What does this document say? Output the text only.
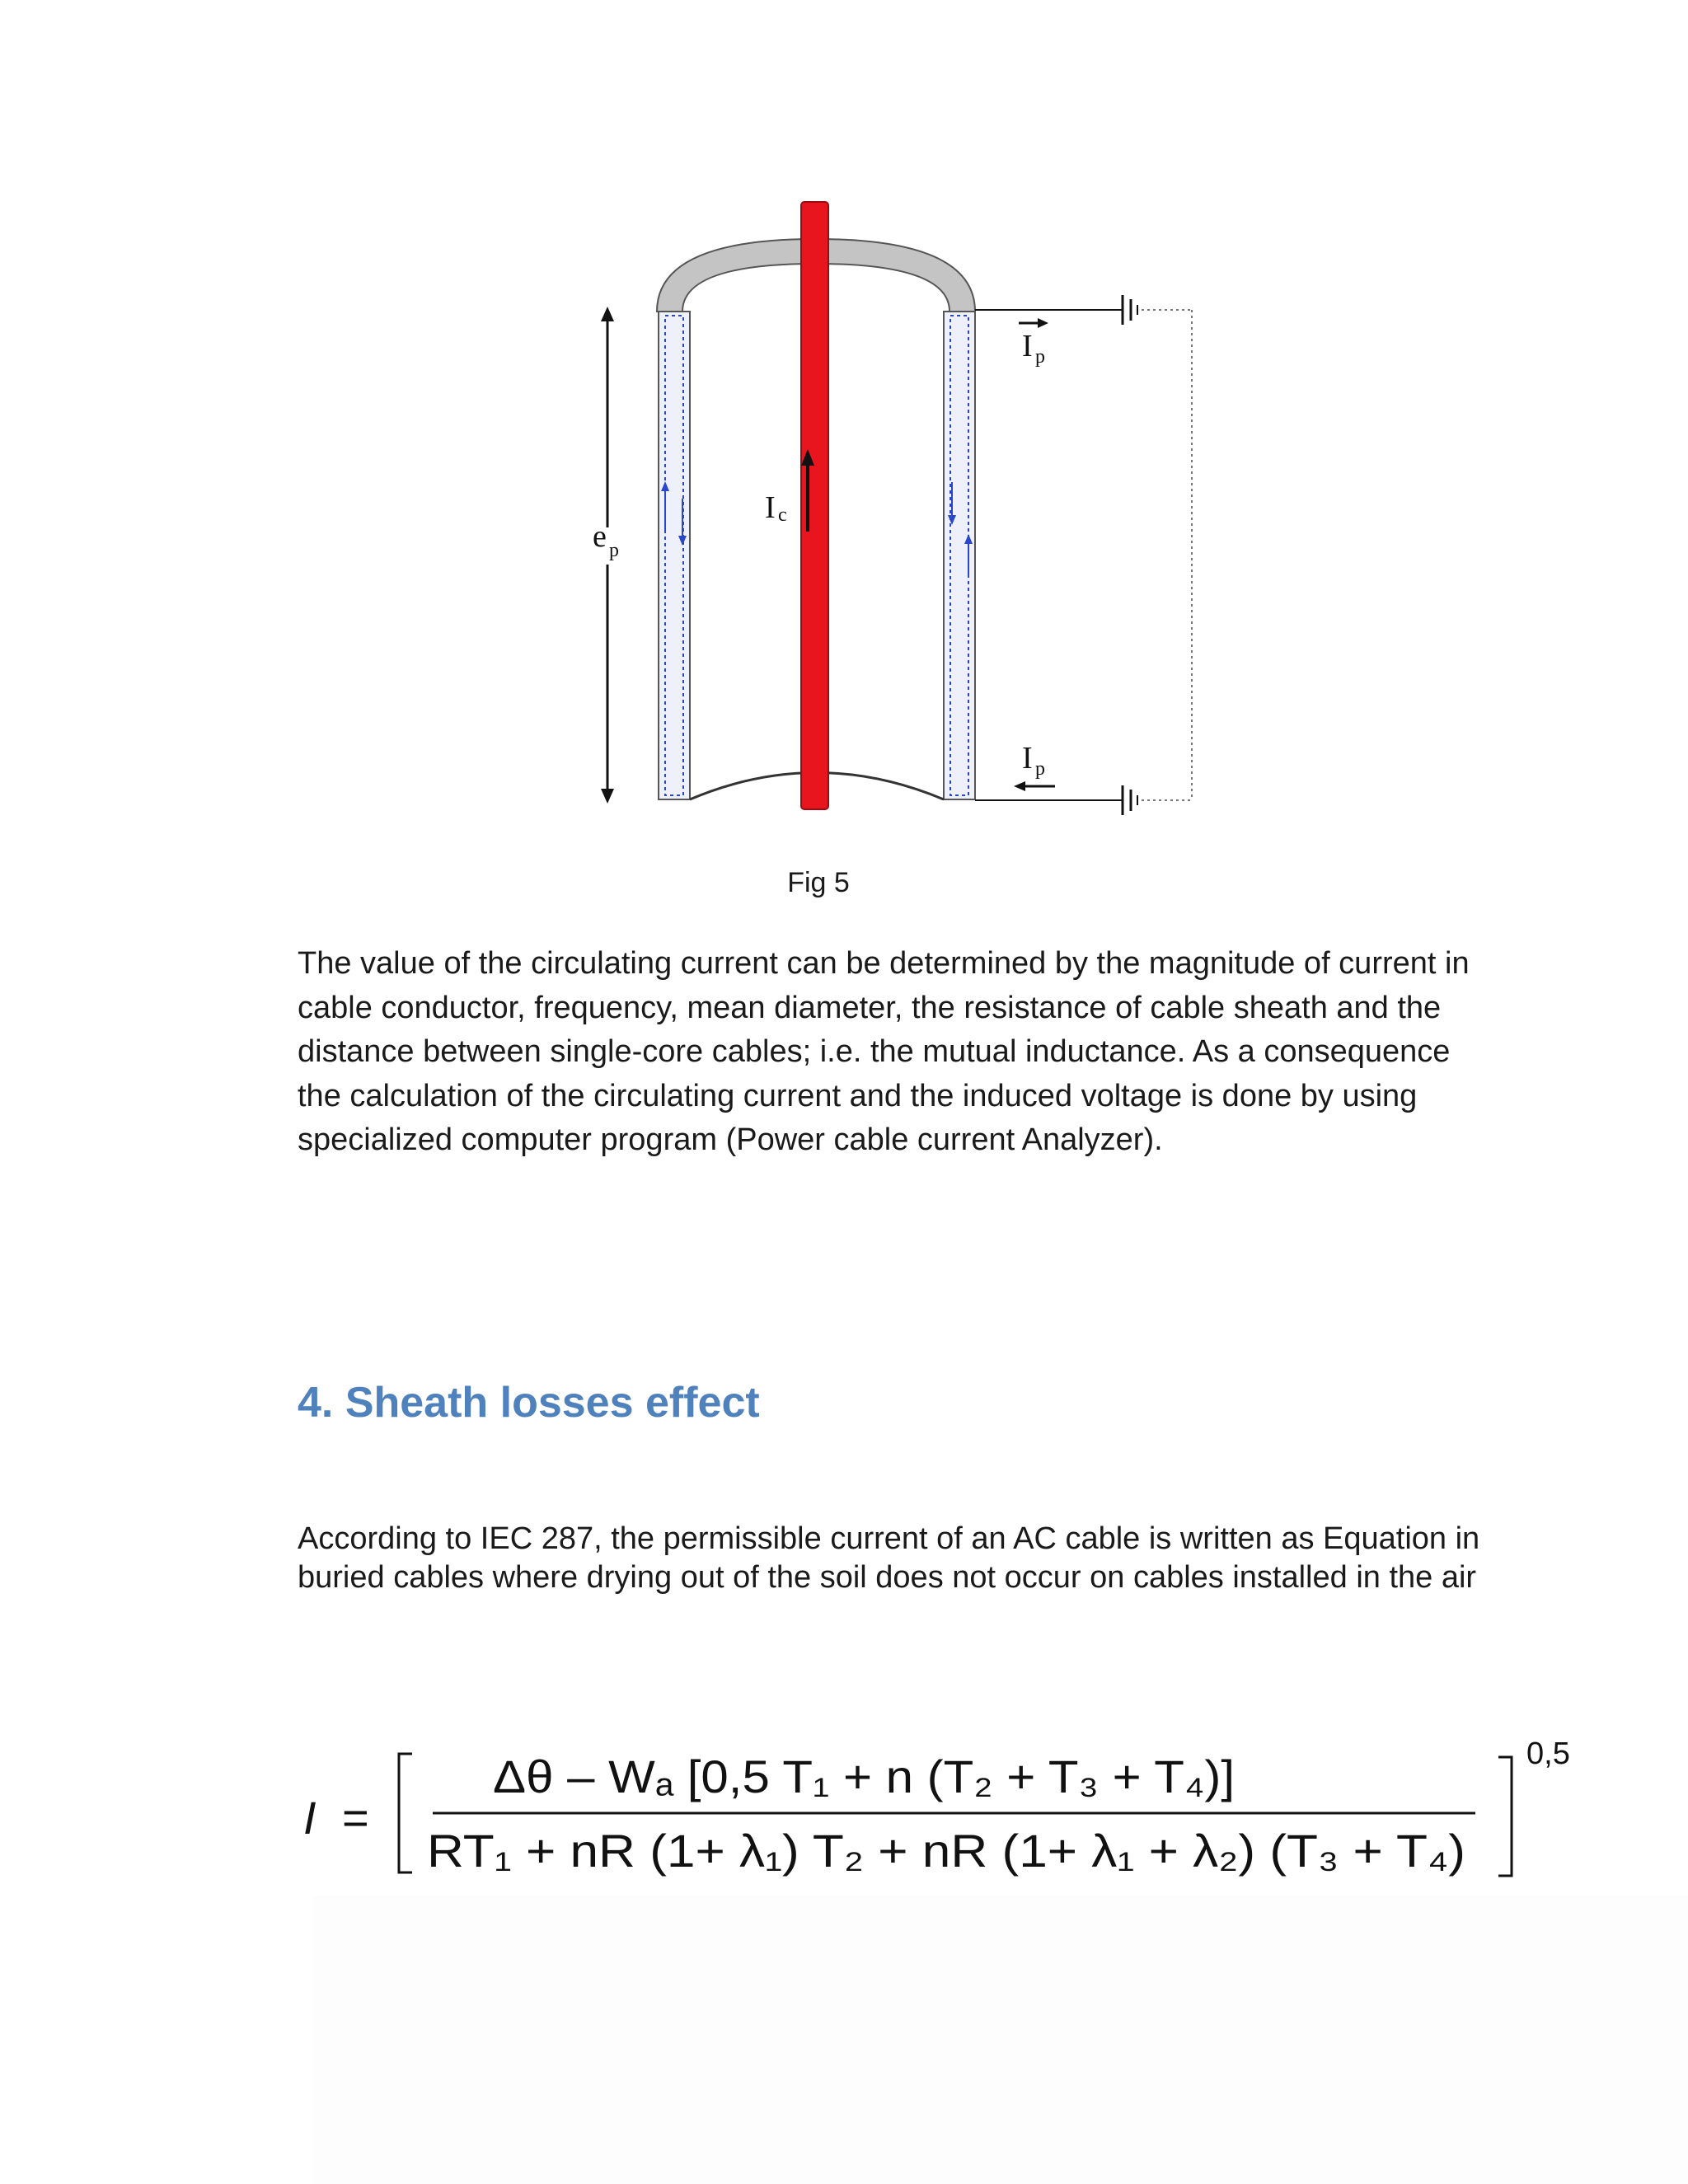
e p
I c
I p
I p
Fig 5

The value of the circulating current can be determined by the magnitude of current in cable conductor, frequency, mean diameter, the resistance of cable sheath and the distance between single-core cables; i.e. the mutual inductance. As a consequence the calculation of the circulating current and the induced voltage is done by using specialized computer program (Power cable current Analyzer).

4. Sheath losses effect

According to IEC 287, the permissible current of an AC cable is written as Equation in buried cables where drying out of the soil does not occur on cables installed in the air

I =
Δθ – Wₐ [0,5 T₁ + n (T₂ + T₃ + T₄)]
RT₁ + nR (1+ λ₁) T₂ + nR (1+ λ₁ + λ₂) (T₃ + T₄)
0,5
